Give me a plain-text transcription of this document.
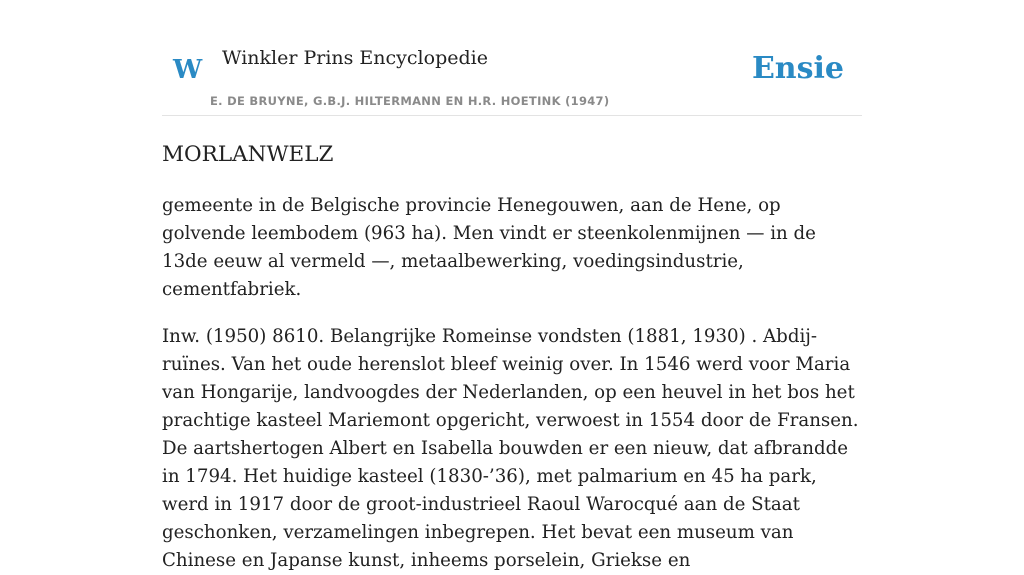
W Winkler Prins Encyclopedie
E. DE BRUYNE, G.B.J. HILTERMANN EN H.R. HOETINK (1947)
Ensie
MORLANWELZ

gemeente in de Belgische provincie Henegouwen, aan de Hene, op golvende leembodem (963 ha). Men vindt er steenkolenmijnen — in de 13de eeuw al vermeld —, metaalbewerking, voedingsindustrie, cementfabriek.

Inw. (1950) 8610. Belangrijke Romeinse vondsten (1881, 1930) . Abdij-ruïnes. Van het oude herenslot bleef weinig over. In 1546 werd voor Maria van Hongarije, landvoogdes der Nederlanden, op een heuvel in het bos het prachtige kasteel Mariemont opgericht, verwoest in 1554 door de Fransen. De aartshertogen Albert en Isabella bouwden er een nieuw, dat afbrandde in 1794. Het huidige kasteel (1830-’36), met palmarium en 45 ha park, werd in 1917 door de groot-industrieel Raoul Warocqué aan de Staat geschonken, verzamelingen inbegrepen. Het bevat een museum van Chinese en Japanse kunst, inheems porselein, Griekse en
